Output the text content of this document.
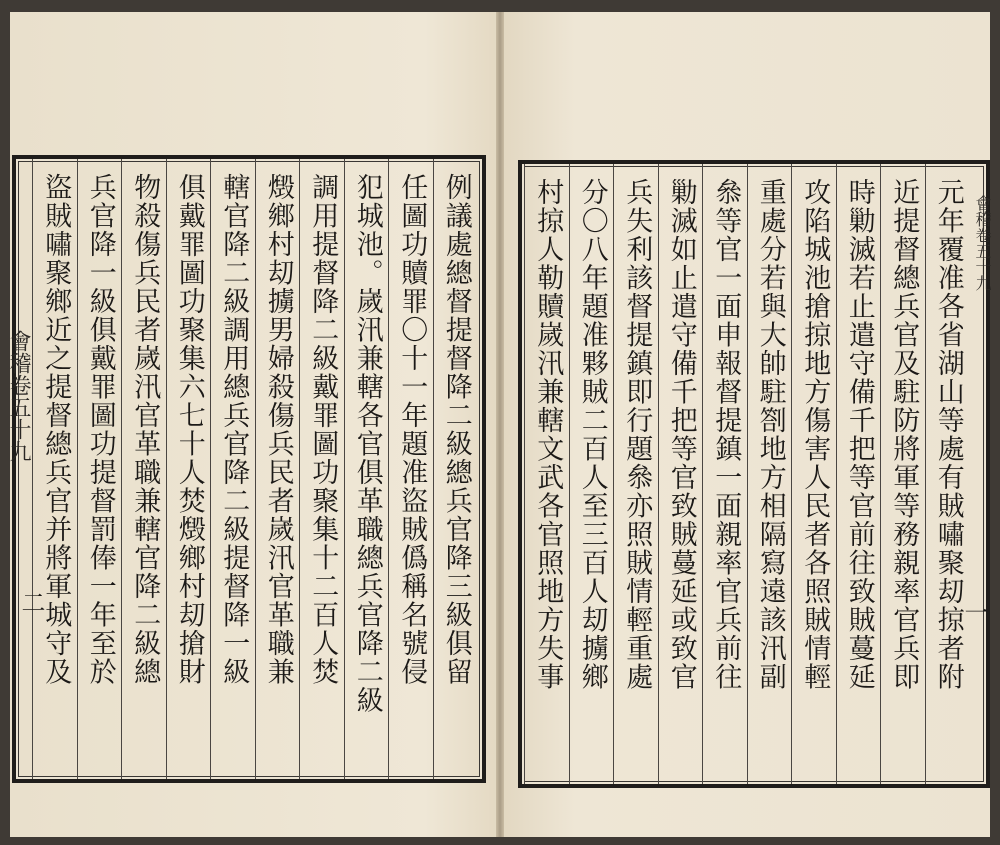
例議處總督提督降二級總兵官降三級俱留
任圖功贖罪〇十一年題准盜賊僞稱名號侵
犯城池。嵗汛兼轄各官俱革職總兵官降二級
調用提督降二級戴罪圖功聚集十二百人焚
燬鄉村刧擄男婦殺傷兵民者嵗汛官革職兼
轄官降二級調用總兵官降二級提督降一級
俱戴罪圖功聚集六七十人焚燬鄉村刧搶財
物殺傷兵民者嵗汛官革職兼轄官降二級總
兵官降一級俱戴罪圖功提督罰俸一年至於
盜賊嘯聚鄉近之提督總兵官并將軍城守及
會稽卷五十九
二	元年覆准各省湖山等處有賊嘯聚刧掠者附
近提督總兵官及駐防將軍等務親率官兵即
時勦滅若止遣守備千把等官前往致賊蔓延
攻陷城池搶掠地方傷害人民者各照賊情輕
重處分若與大帥駐劄地方相隔寫遠該汛副
叅等官一面申報督提鎮一面親率官兵前往
勦滅如止遣守備千把等官致賊蔓延或致官
兵失利該督提鎮即行題叅亦照賊情輕重處
分〇八年題准夥賊二百人至三百人刧擄鄉
村掠人勒贖嵗汛兼轄文武各官照地方失事	會稽卷五十九
一
